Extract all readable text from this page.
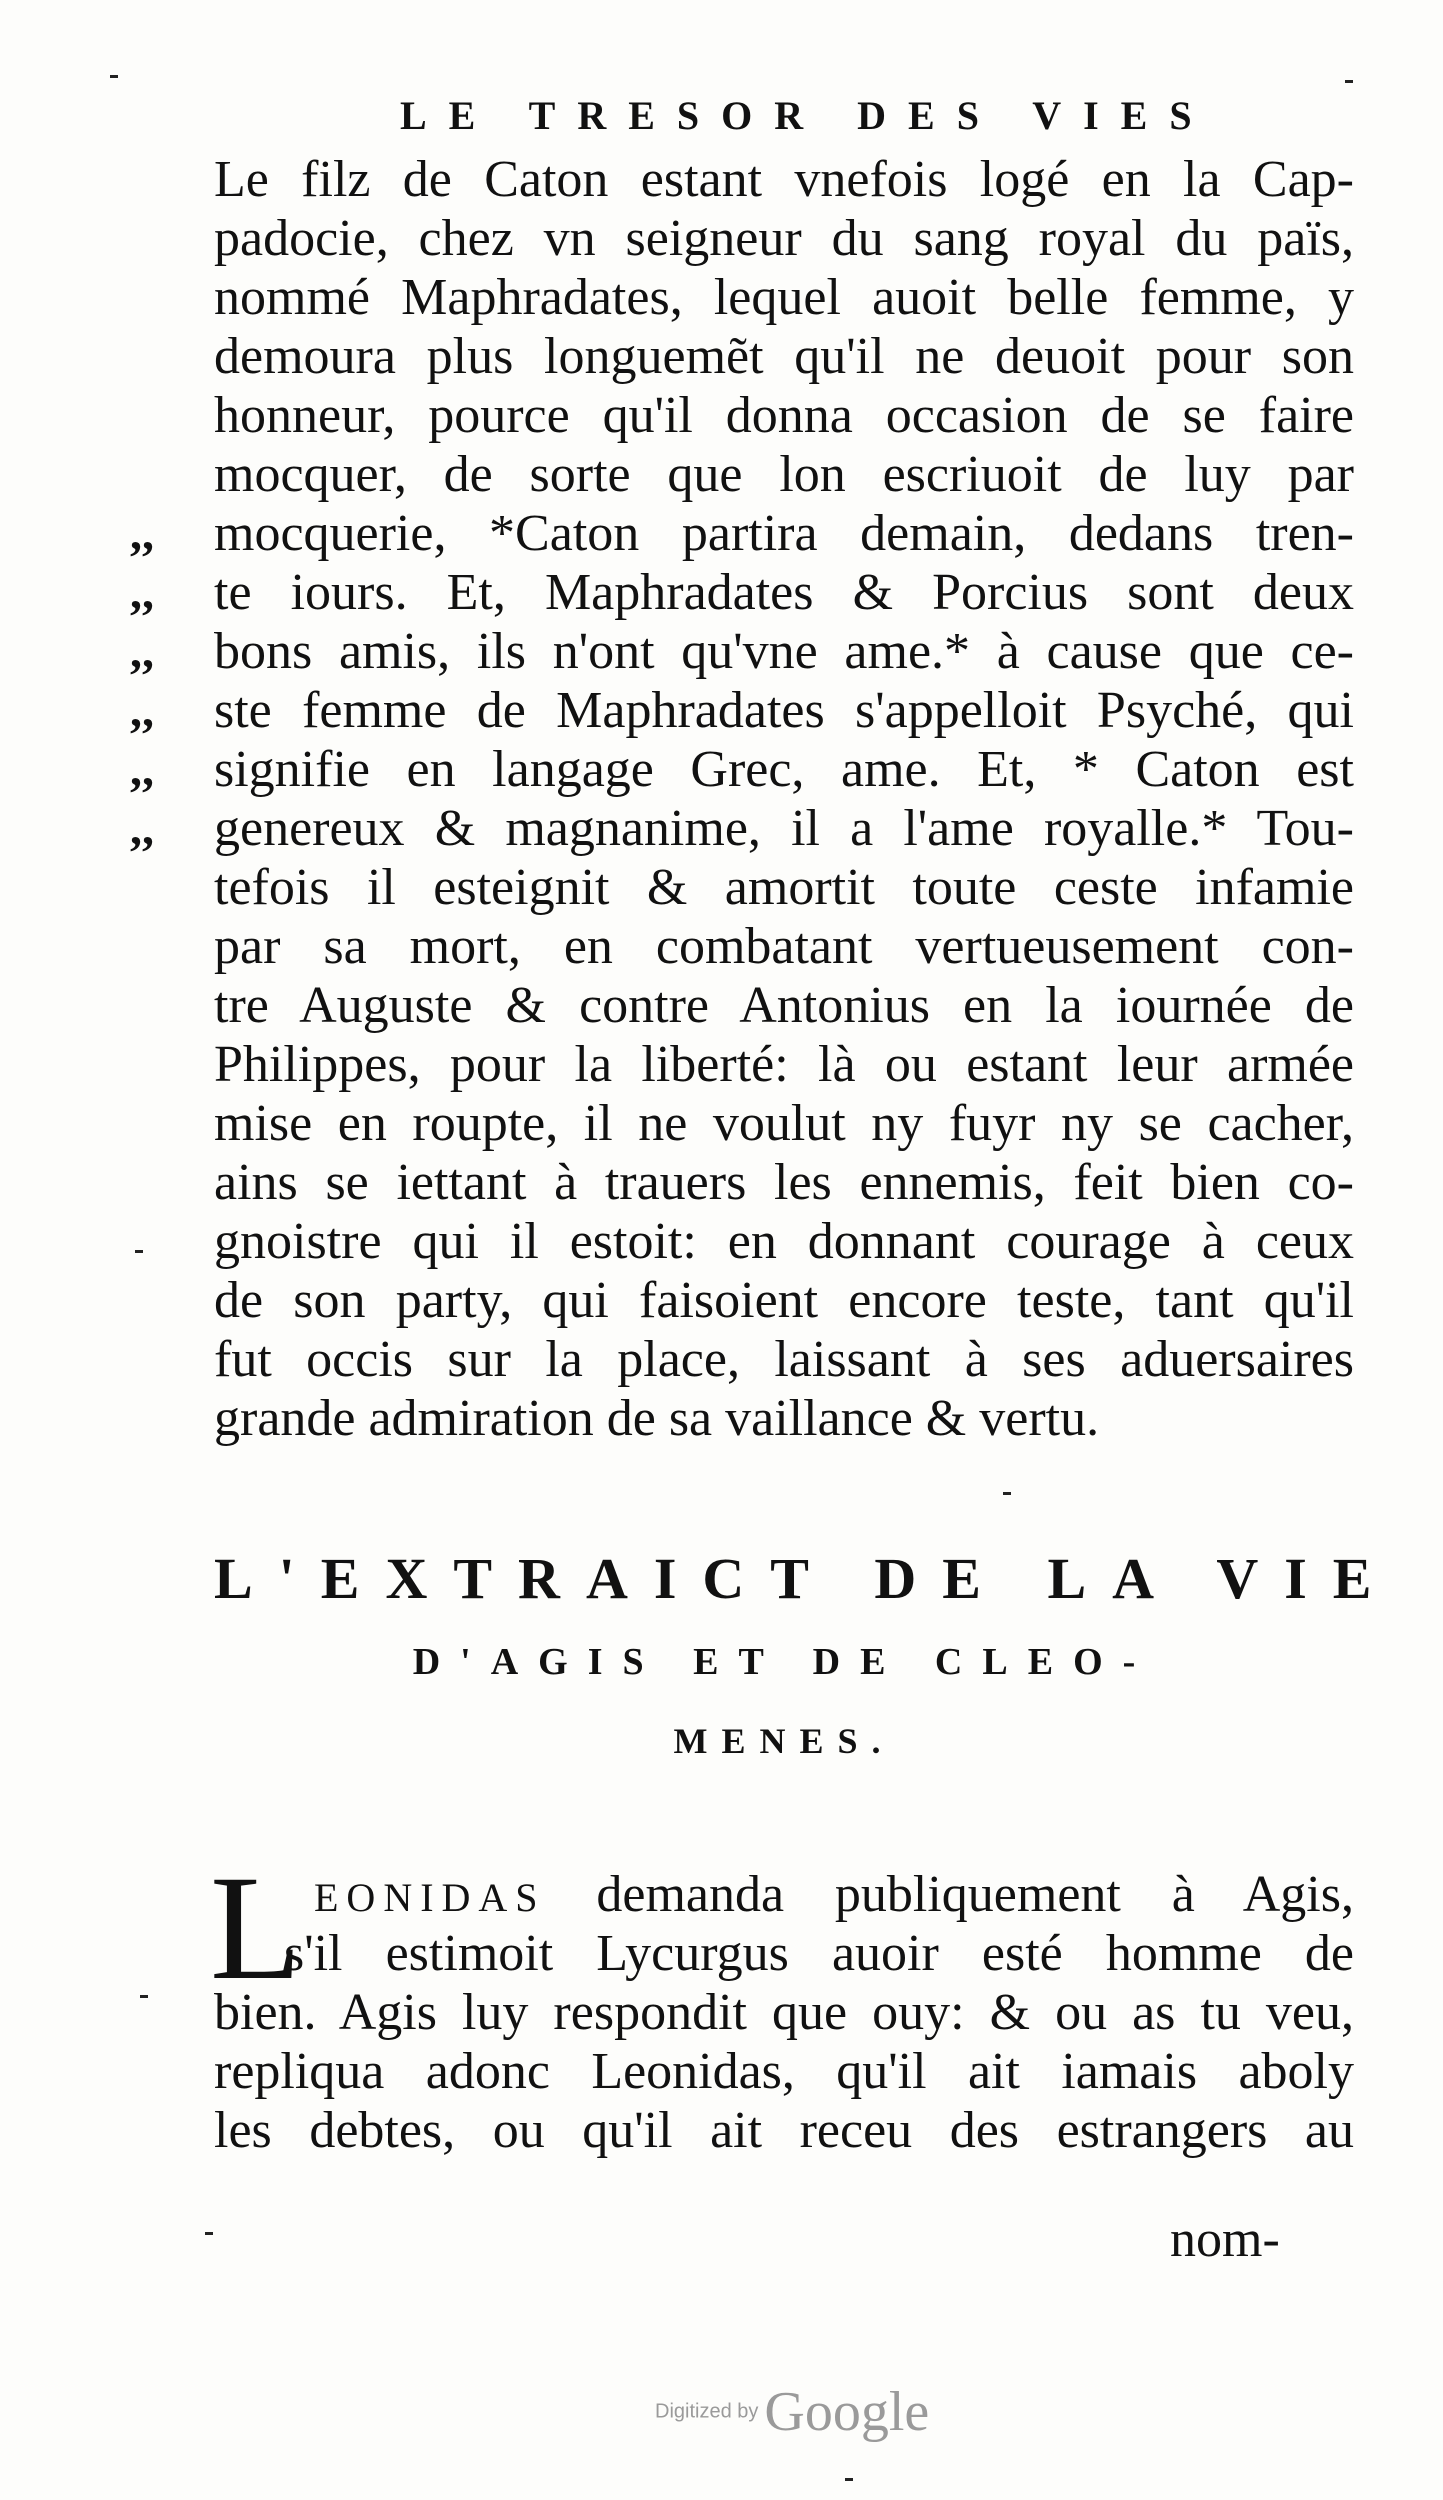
LE TRESOR DES VIES
,,
,,
,,
,,
,,
,,
Le filz de Caton estant vnefois logé en la Cap-
padocie, chez vn seigneur du sang royal du païs,
nommé Maphradates, lequel auoit belle femme, y
demoura plus longuemẽt qu'il ne deuoit pour son
honneur, pource qu'il donna occasion de se faire
mocquer, de sorte que lon escriuoit de luy par
mocquerie, *Caton partira demain, dedans tren-
te iours. Et, Maphradates & Porcius sont deux
bons amis, ils n'ont qu'vne ame.* à cause que ce-
ste femme de Maphradates s'appelloit Psyché, qui
signifie en langage Grec, ame. Et, * Caton est
genereux & magnanime, il a l'ame royalle.* Tou-
tefois il esteignit & amortit toute ceste infamie
par sa mort, en combatant vertueusement con-
tre Auguste & contre Antonius en la iournée de
Philippes, pour la liberté: là ou estant leur armée
mise en roupte, il ne voulut ny fuyr ny se cacher,
ains se iettant à trauers les ennemis, feit bien co-
gnoistre qui il estoit: en donnant courage à ceux
de son party, qui faisoient encore teste, tant qu'il
fut occis sur la place, laissant à ses aduersaires
grande admiration de sa vaillance & vertu.
L'EXTRAICT DE LA VIE
D'AGIS ET DE CLEO-
MENES.
L EONIDAS demanda publiquement à Agis,
s'il estimoit Lycurgus auoir esté homme de
bien. Agis luy respondit que ouy: & ou as tu veu,
repliqua adonc Leonidas, qu'il ait iamais aboly
les debtes, ou qu'il ait receu des estrangers au
nom-
Digitized by Google
